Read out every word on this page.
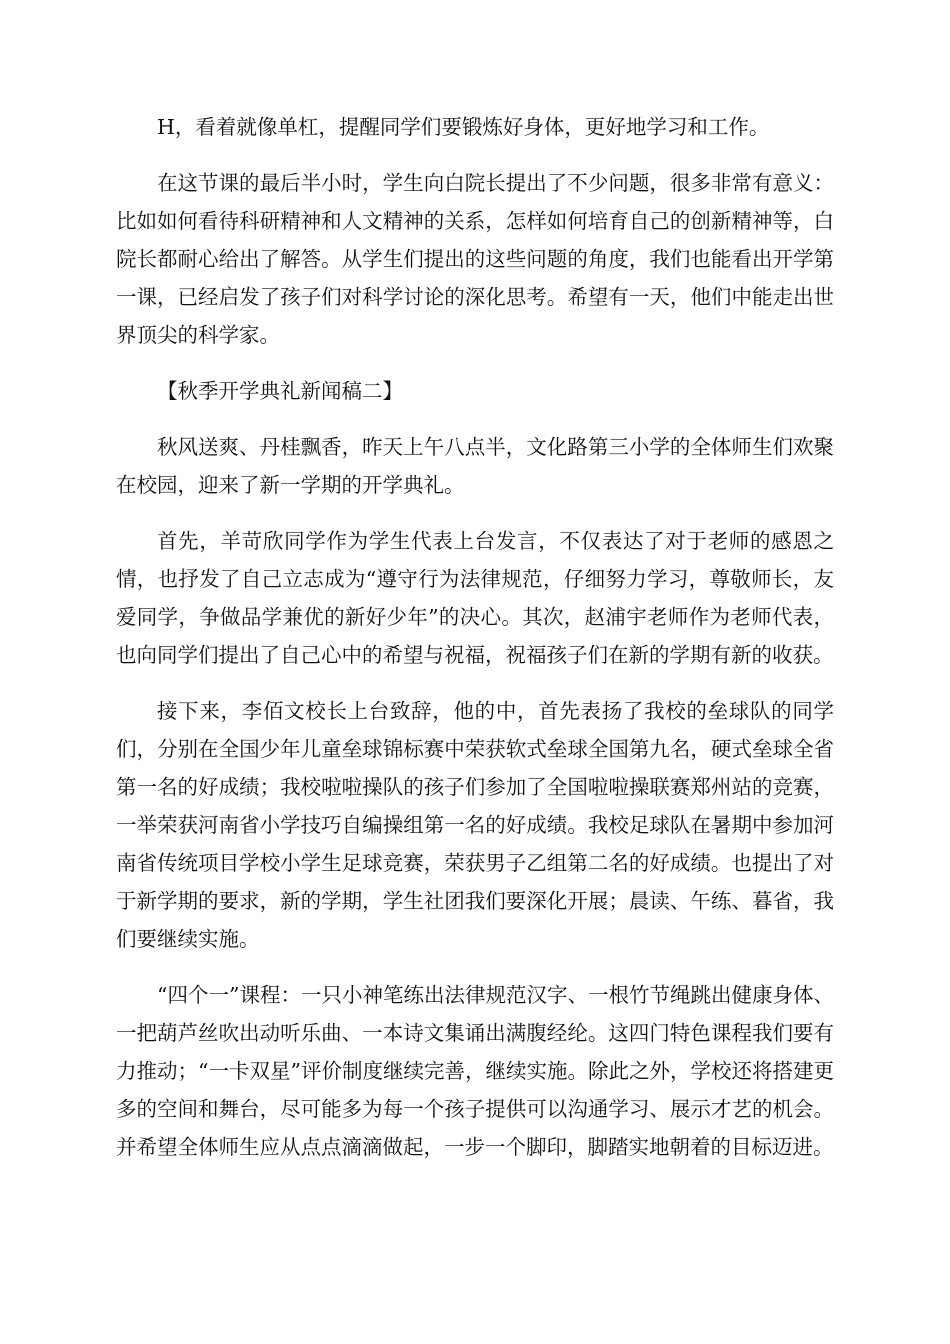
H，看着就像单杠，提醒同学们要锻炼好身体，更好地学习和工作。

在这节课的最后半小时，学生向白院长提出了不少问题，很多非常有意义：比如如何看待科研精神和人文精神的关系，怎样如何培育自己的创新精神等，白院长都耐心给出了解答。从学生们提出的这些问题的角度，我们也能看出开学第一课，已经启发了孩子们对科学讨论的深化思考。希望有一天，他们中能走出世界顶尖的科学家。

【秋季开学典礼新闻稿二】

秋风送爽、丹桂飘香，昨天上午八点半，文化路第三小学的全体师生们欢聚在校园，迎来了新一学期的开学典礼。

首先，羊苛欣同学作为学生代表上台发言，不仅表达了对于老师的感恩之情，也抒发了自己立志成为“遵守行为法律规范，仔细努力学习，尊敬师长，友爱同学，争做品学兼优的新好少年”的决心。其次，赵浦宇老师作为老师代表，也向同学们提出了自己心中的希望与祝福，祝福孩子们在新的学期有新的收获。

接下来，李佰文校长上台致辞，他的中，首先表扬了我校的垒球队的同学们，分别在全国少年儿童垒球锦标赛中荣获软式垒球全国第九名，硬式垒球全省第一名的好成绩；我校啦啦操队的孩子们参加了全国啦啦操联赛郑州站的竞赛，一举荣获河南省小学技巧自编操组第一名的好成绩。我校足球队在暑期中参加河南省传统项目学校小学生足球竞赛，荣获男子乙组第二名的好成绩。也提出了对于新学期的要求，新的学期，学生社团我们要深化开展；晨读、午练、暮省，我们要继续实施。

“四个一”课程：一只小神笔练出法律规范汉字、一根竹节绳跳出健康身体、一把葫芦丝吹出动听乐曲、一本诗文集诵出满腹经纶。这四门特色课程我们要有力推动；“一卡双星”评价制度继续完善，继续实施。除此之外，学校还将搭建更多的空间和舞台，尽可能多为每一个孩子提供可以沟通学习、展示才艺的机会。并希望全体师生应从点点滴滴做起，一步一个脚印，脚踏实地朝着的目标迈进。
